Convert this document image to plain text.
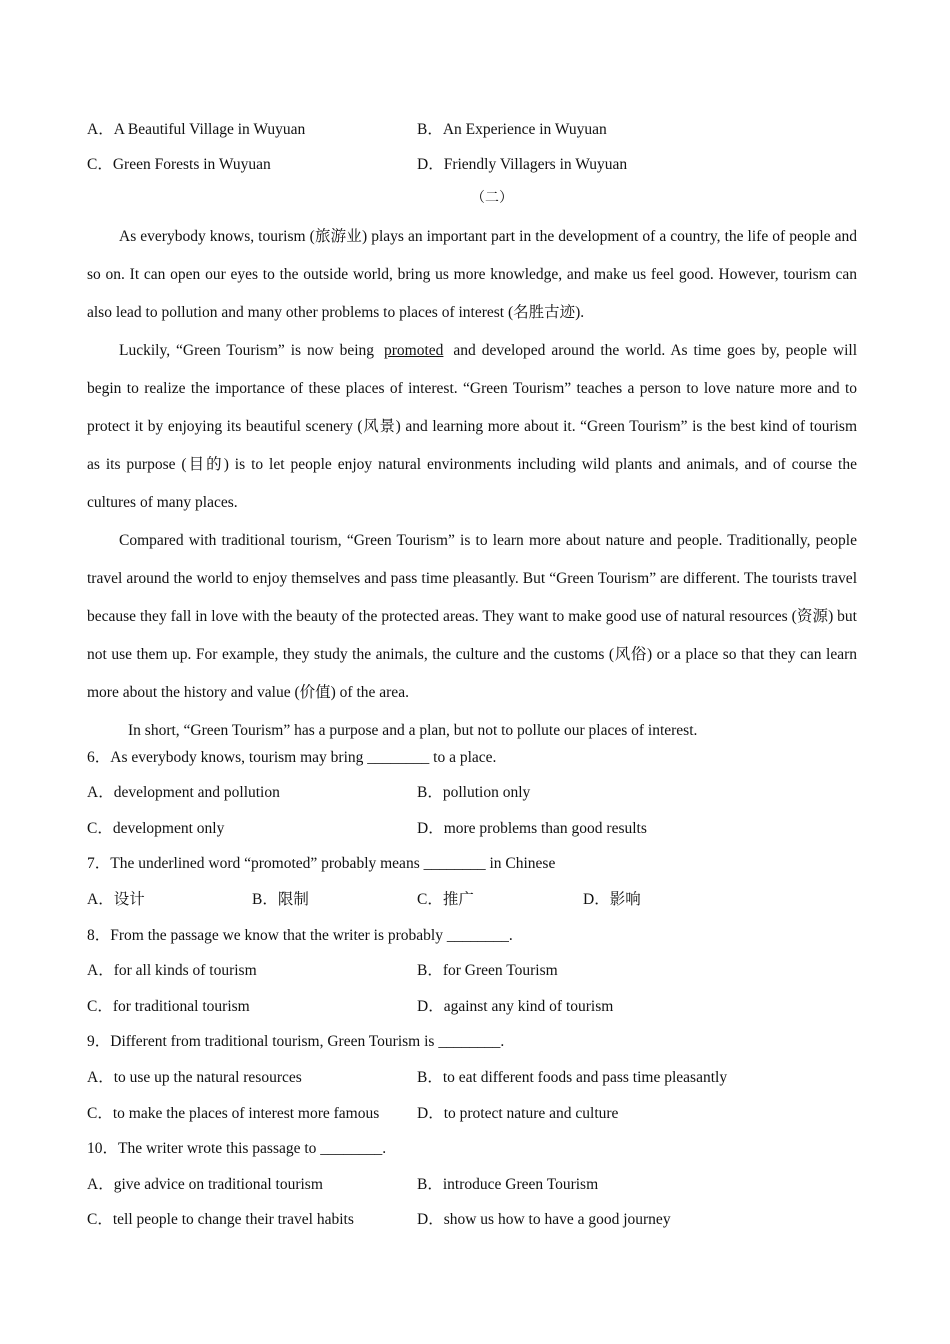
A．A Beautiful Village in Wuyuan	B．An Experience in Wuyuan
C．Green Forests in Wuyuan	D．Friendly Villagers in Wuyuan
（二）

As everybody knows, tourism (旅游业) plays an important part in the development of a country, the life of people and so on. It can open our eyes to the outside world, bring us more knowledge, and make us feel good. However, tourism can also lead to pollution and many other problems to places of interest (名胜古迹).

Luckily, “Green Tourism” is now being promoted and developed around the world. As time goes by, people will begin to realize the importance of these places of interest. “Green Tourism” teaches a person to love nature more and to protect it by enjoying its beautiful scenery (风景) and learning more about it. “Green Tourism” is the best kind of tourism as its purpose (目的) is to let people enjoy natural environments including wild plants and animals, and of course the cultures of many places.

Compared with traditional tourism, “Green Tourism” is to learn more about nature and people. Traditionally, people travel around the world to enjoy themselves and pass time pleasantly. But “Green Tourism” are different. The tourists travel because they fall in love with the beauty of the protected areas. They want to make good use of natural resources (资源) but not use them up. For example, they study the animals, the culture and the customs (风俗) or a place so that they can learn more about the history and value (价值) of the area.

In short, “Green Tourism” has a purpose and a plan, but not to pollute our places of interest.

6．As everybody knows, tourism may bring ________ to a place.
A．development and pollution	B．pollution only
C．development only	D．more problems than good results
7．The underlined word “promoted” probably means ________ in Chinese
A．设计	B．限制	C．推广	D．影响
8．From the passage we know that the writer is probably ________.
A．for all kinds of tourism	B．for Green Tourism
C．for traditional tourism	D．against any kind of tourism
9．Different from traditional tourism, Green Tourism is ________.
A．to use up the natural resources	B．to eat different foods and pass time pleasantly
C．to make the places of interest more famous D．to protect nature and culture
10．The writer wrote this passage to ________.
A．give advice on traditional tourism	B．introduce Green Tourism
C．tell people to change their travel habits	D．show us how to have a good journey
